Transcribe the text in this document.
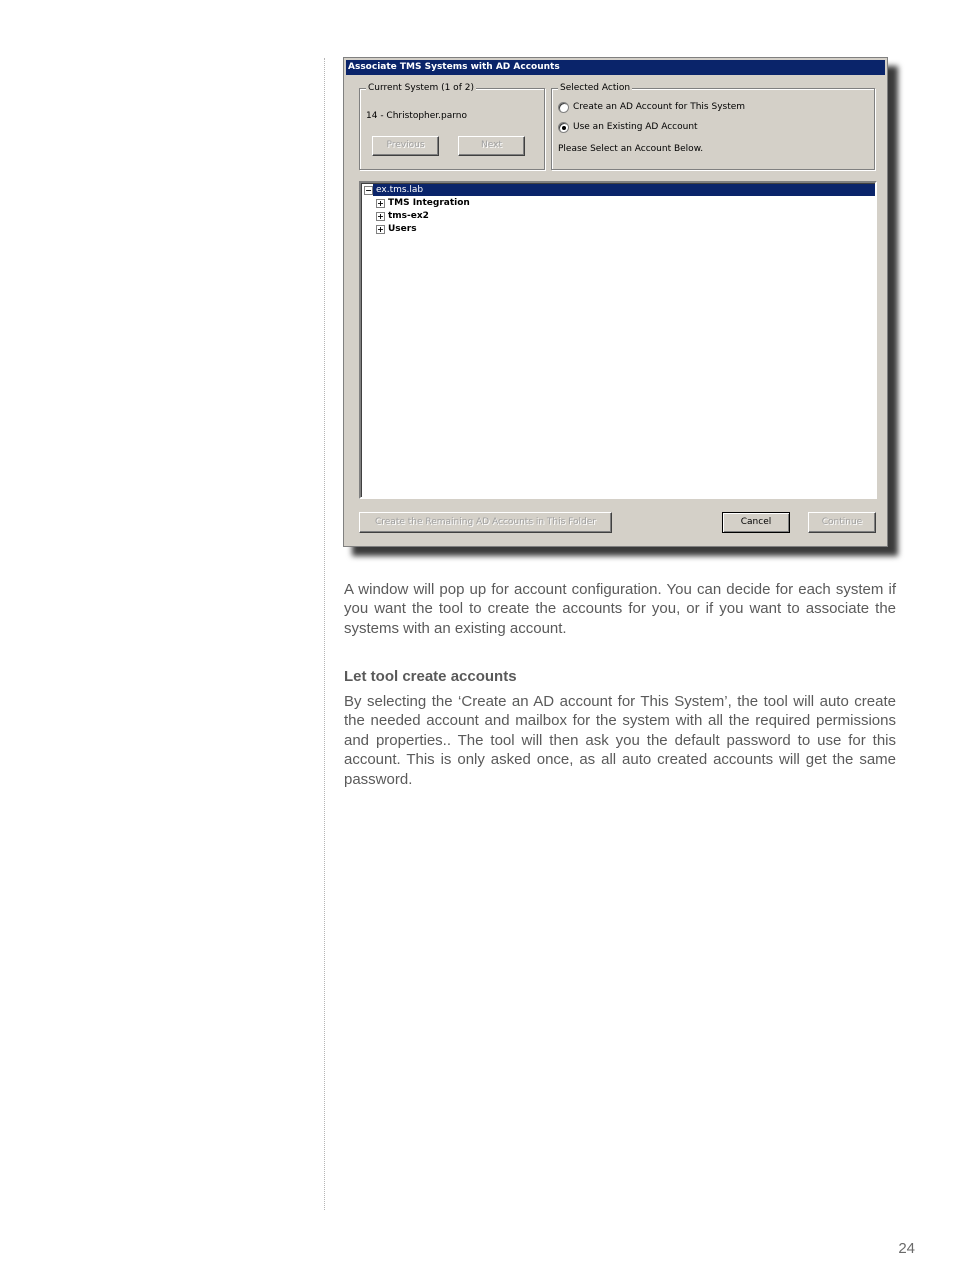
Associate TMS Systems with AD Accounts
Current System (1 of 2)
14 - Christopher.parno
Previous	Next
Selected Action
Create an AD Account for This System
Use an Existing AD Account
Please Select an Account Below.
− ex.tms.lab
+ TMS Integration
+ tms-ex2
+ Users
Create the Remaining AD Accounts in This Folder	Cancel	Continue

A window will pop up for account configuration. You can decide for each system if you want the tool to create the accounts for you, or if you want to associate the systems with an existing account.

Let tool create accounts

By selecting the ‘Create an AD account for This System’, the tool will auto create the needed account and mailbox for the system with all the required permissions and properties.. The tool will then ask you the default password to use for this account. This is only asked once, as all auto created accounts will get the same password.

24
